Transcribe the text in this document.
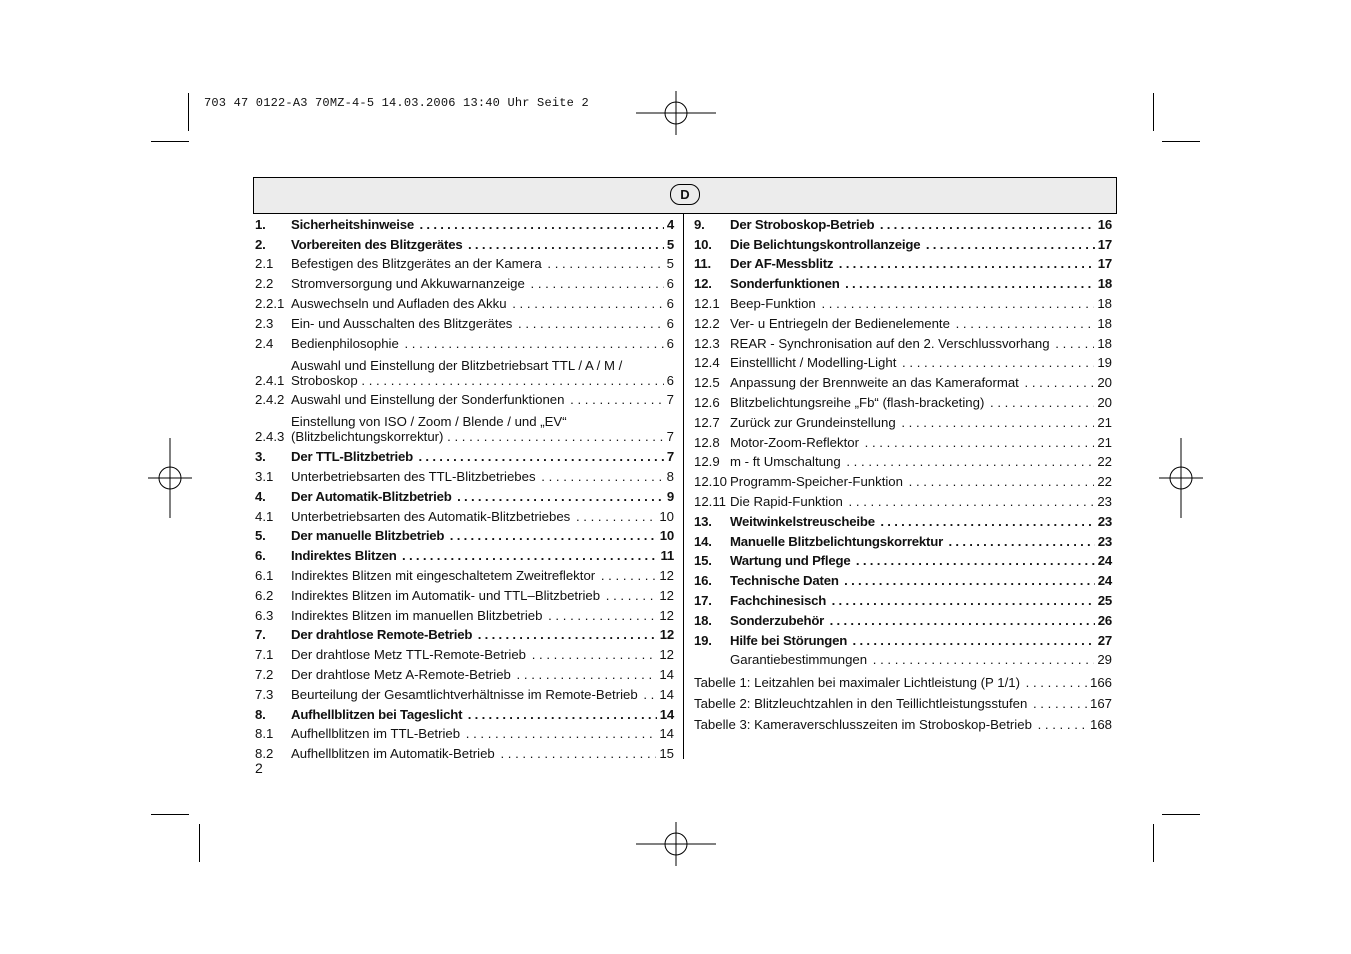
703 47 0122-A3 70MZ-4-5 14.03.2006 13:40 Uhr Seite 2
D
1.	Sicherheitshinweise . . .	4
2.	Vorbereiten des Blitzgerätes . . .	5
2.1	Befestigen des Blitzgerätes an der Kamera . . .	5
2.2	Stromversorgung und Akkuwarnanzeige . . .	6
2.2.1 Auswechseln und Aufladen des Akku . . .	6
2.3	Ein- und Ausschalten des Blitzgerätes . . .	6
2.4	Bedienphilosophie . . .	6
2.4.1
Auswahl und Einstellung der Blitzbetriebsart TTL / A / M /
Stroboskop . . .	6
2.4.2 Auswahl und Einstellung der Sonderfunktionen . . .	7
2.4.3
Einstellung von ISO / Zoom / Blende / und „EV“
(Blitzbelichtungskorrektur) . . .	7
3.	Der TTL-Blitzbetrieb . . .	7
3.1	Unterbetriebsarten des TTL-Blitzbetriebes . . .	8
4.	Der Automatik-Blitzbetrieb . . .	9
4.1	Unterbetriebsarten des Automatik-Blitzbetriebes . . .	10
5.	Der manuelle Blitzbetrieb . . .	10
6.	Indirektes Blitzen . . .	11
6.1	Indirektes Blitzen mit eingeschaltetem Zweitreflektor . . .	12
6.2	Indirektes Blitzen im Automatik- und TTL–Blitzbetrieb . . .	12
6.3	Indirektes Blitzen im manuellen Blitzbetrieb . . .	12
7.	Der drahtlose Remote-Betrieb . . .	12
7.1	Der drahtlose Metz TTL-Remote-Betrieb . . .	12
7.2	Der drahtlose Metz A-Remote-Betrieb . . .	14
7.3	Beurteilung der Gesamtlichtverhältnisse im Remote-Betrieb . . .	14
8.	Aufhellblitzen bei Tageslicht . . .	14
8.1	Aufhellblitzen im TTL-Betrieb . . .	14
8.2	Aufhellblitzen im Automatik-Betrieb . . .	15
9.	Der Stroboskop-Betrieb . . .	16
10.	Die Belichtungskontrollanzeige . . .	17
11.	Der AF-Messblitz . . .	17
12.	Sonderfunktionen . . .	18
12.1 Beep-Funktion . . .	18
12.2 Ver- u Entriegeln der Bedienelemente . . .	18
12.3 REAR - Synchronisation auf den 2. Verschlussvorhang . . .	18
12.4 Einstelllicht / Modelling-Light . . .	19
12.5 Anpassung der Brennweite an das Kameraformat . . .	20
12.6 Blitzbelichtungsreihe „Fb“ (flash-bracketing) . . .	20
12.7 Zurück zur Grundeinstellung . . .	21
12.8 Motor-Zoom-Reflektor . . .	21
12.9 m - ft Umschaltung . . .	22
12.10 Programm-Speicher-Funktion . . .	22
12.11 Die Rapid-Funktion . . .	23
13.	Weitwinkelstreuscheibe . . .	23
14.	Manuelle Blitzbelichtungskorrektur . . .	23
15.	Wartung und Pflege . . .	24
16.	Technische Daten . . .	24
17.	Fachchinesisch . . .	25
18.	Sonderzubehör . . .	26
19.	Hilfe bei Störungen . . .	27
Garantiebestimmungen . . .	29
Tabelle 1: Leitzahlen bei maximaler Lichtleistung (P 1/1) . . .	166
Tabelle 2: Blitzleuchtzahlen in den Teillichtleistungsstufen . . .	167
Tabelle 3: Kameraverschlusszeiten im Stroboskop-Betrieb . . .	168
2
